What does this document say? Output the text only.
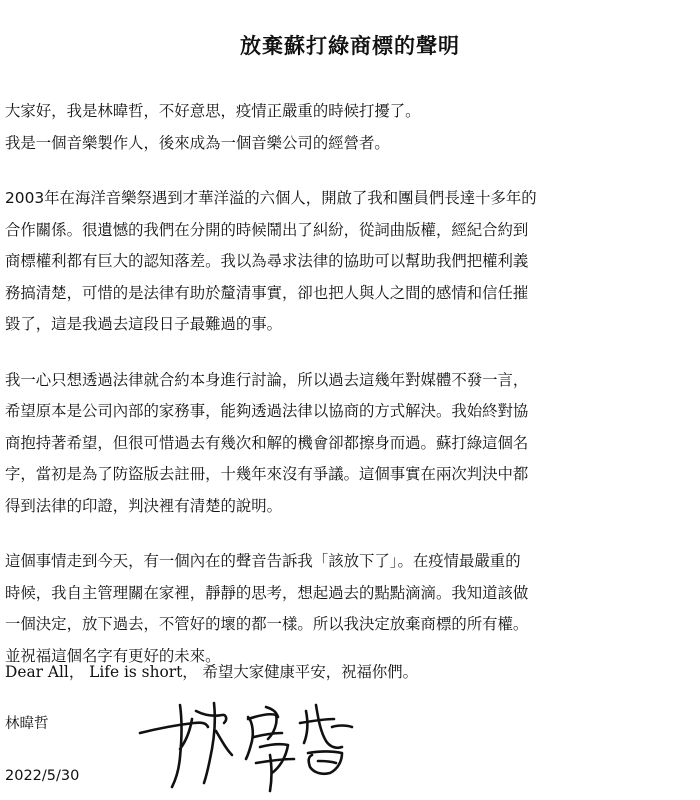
放棄蘇打綠商標的聲明
大家好，我是林暐哲，不好意思，疫情正嚴重的時候打擾了。
我是一個音樂製作人，後來成為一個音樂公司的經營者。
2003年在海洋音樂祭遇到才華洋溢的六個人，開啟了我和團員們長達十多年的
合作關係。很遺憾的我們在分開的時候鬧出了糾紛，從詞曲版權，經紀合約到
商標權利都有巨大的認知落差。我以為尋求法律的協助可以幫助我們把權利義
務搞清楚，可惜的是法律有助於釐清事實，卻也把人與人之間的感情和信任摧
毀了，這是我過去這段日子最難過的事。
我一心只想透過法律就合約本身進行討論，所以過去這幾年對媒體不發一言，
希望原本是公司內部的家務事，能夠透過法律以協商的方式解決。我始終對協
商抱持著希望，但很可惜過去有幾次和解的機會卻都擦身而過。蘇打綠這個名
字，當初是為了防盜版去註冊，十幾年來沒有爭議。這個事實在兩次判決中都
得到法律的印證，判決裡有清楚的說明。
這個事情走到今天，有一個內在的聲音告訴我「該放下了」。在疫情最嚴重的
時候，我自主管理關在家裡，靜靜的思考，想起過去的點點滴滴。我知道該做
一個決定，放下過去，不管好的壞的都一樣。所以我決定放棄商標的所有權。
並祝福這個名字有更好的未來。
Dear All， Life is short， 希望大家健康平安，祝福你們。
林暐哲
2022/5/30
